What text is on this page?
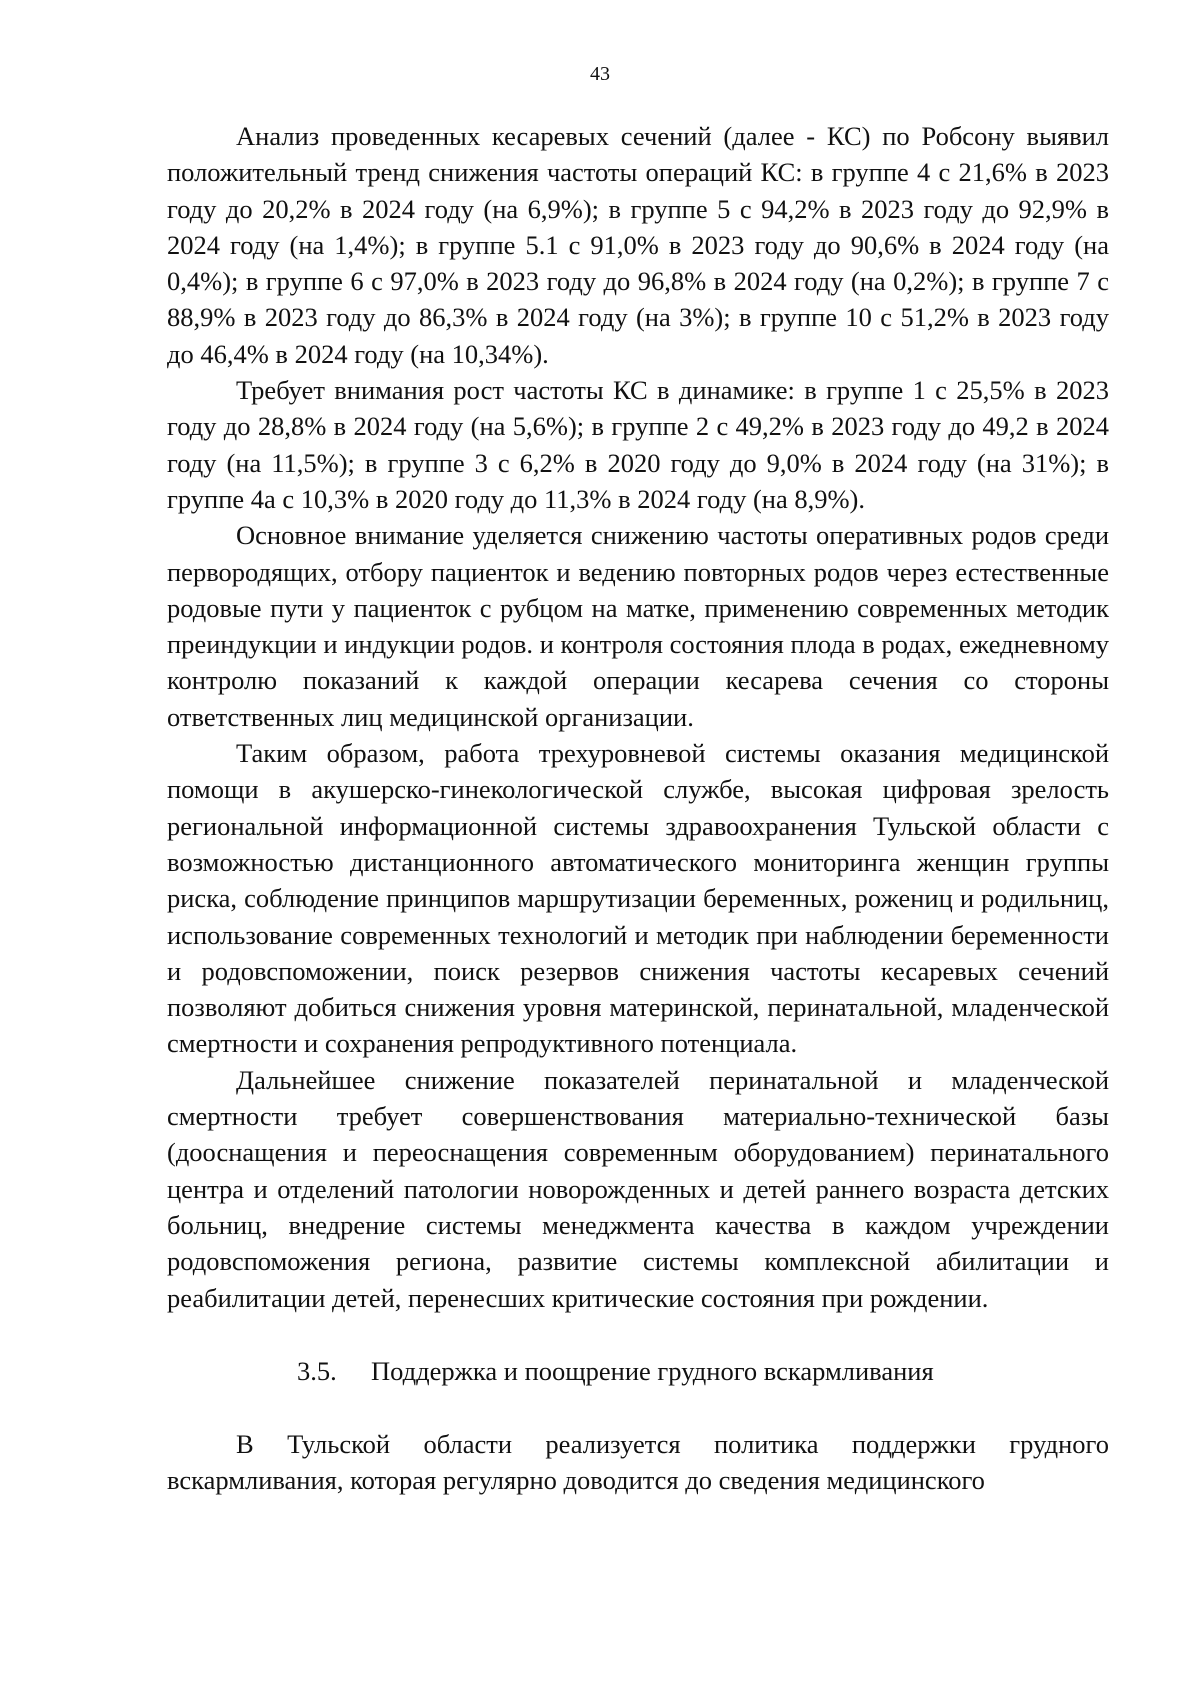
43

Анализ проведенных кесаревых сечений (далее - КС) по Робсону выявил положительный тренд снижения частоты операций КС: в группе 4 с 21,6% в 2023 году до 20,2% в 2024 году (на 6,9%); в группе 5 с 94,2% в 2023 году до 92,9% в 2024 году (на 1,4%); в группе 5.1 с 91,0% в 2023 году до 90,6% в 2024 году (на 0,4%); в группе 6 с 97,0% в 2023 году до 96,8% в 2024 году (на 0,2%); в группе 7 с 88,9% в 2023 году до 86,3% в 2024 году (на 3%); в группе 10 с 51,2% в 2023 году до 46,4% в 2024 году (на 10,34%).

Требует внимания рост частоты КС в динамике: в группе 1 с 25,5% в 2023 году до 28,8% в 2024 году (на 5,6%); в группе 2 с 49,2% в 2023 году до 49,2 в 2024 году (на 11,5%); в группе 3 с 6,2% в 2020 году до 9,0% в 2024 году (на 31%); в группе 4а с 10,3% в 2020 году до 11,3% в 2024 году (на 8,9%).

Основное внимание уделяется снижению частоты оперативных родов среди первородящих, отбору пациенток и ведению повторных родов через естественные родовые пути у пациенток с рубцом на матке, применению современных методик преиндукции и индукции родов. и контроля состояния плода в родах, ежедневному контролю показаний к каждой операции кесарева сечения со стороны ответственных лиц медицинской организации.

Таким образом, работа трехуровневой системы оказания медицинской помощи в акушерско-гинекологической службе, высокая цифровая зрелость региональной информационной системы здравоохранения Тульской области с возможностью дистанционного автоматического мониторинга женщин группы риска, соблюдение принципов маршрутизации беременных, рожениц и родильниц, использование современных технологий и методик при наблюдении беременности и родовспоможении, поиск резервов снижения частоты кесаревых сечений позволяют добиться снижения уровня материнской, перинатальной, младенческой смертности и сохранения репродуктивного потенциала.

Дальнейшее снижение показателей перинатальной и младенческой смертности требует совершенствования материально-технической базы (дооснащения и переоснащения современным оборудованием) перинатального центра и отделений патологии новорожденных и детей раннего возраста детских больниц, внедрение системы менеджмента качества в каждом учреждении родовспоможения региона, развитие системы комплексной абилитации и реабилитации детей, перенесших критические состояния при рождении.

3.5. Поддержка и поощрение грудного вскармливания

В Тульской области реализуется политика поддержки грудного вскармливания, которая регулярно доводится до сведения медицинского
